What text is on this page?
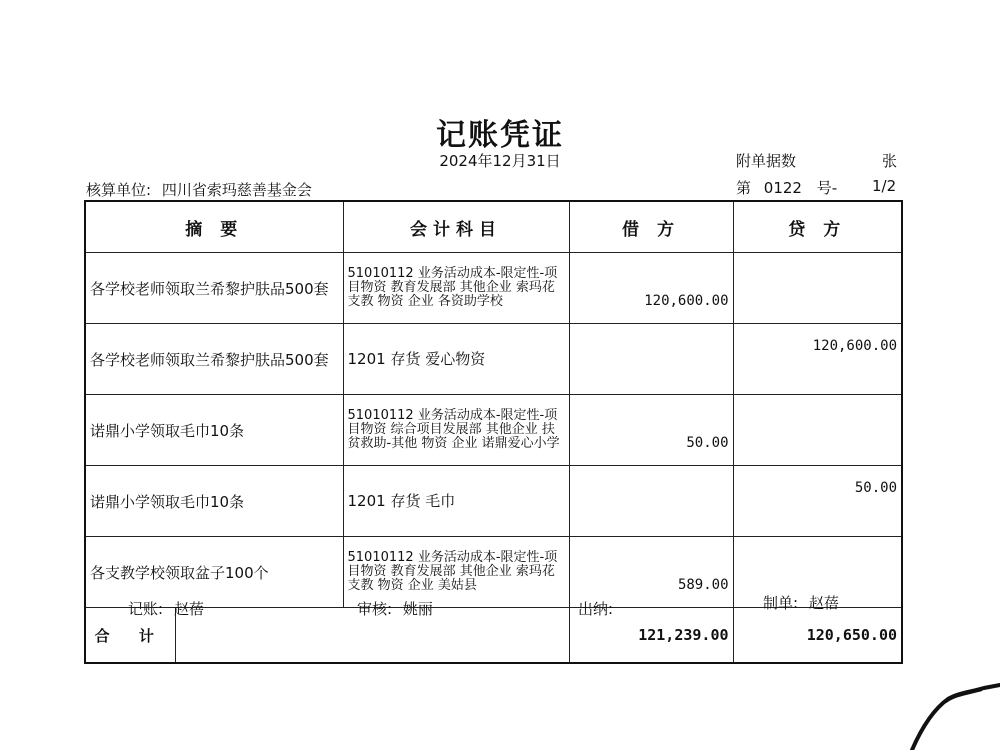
记账凭证
2024年12月31日	附单据数	张
核算单位: 四川省索玛慈善基金会	第 0122 号- 1/2
摘 要		会计科目	借 方	贷 方
各学校老师领取兰希黎护肤品500套		51010112 业务活动成本-限定性-项目物资 教育发展部 其他企业 索玛花支教 物资 企业 各资助学校	120,600.00	
各学校老师领取兰希黎护肤品500套		1201 存货 爱心物资		120,600.00
诺鼎小学领取毛巾10条		51010112 业务活动成本-限定性-项目物资 综合项目发展部 其他企业 扶贫救助-其他 物资 企业 诺鼎爱心小学	50.00	
诺鼎小学领取毛巾10条		1201 存货 毛巾		50.00
各支教学校领取盆子100个		51010112 业务活动成本-限定性-项目物资 教育发展部 其他企业 索玛花支教 物资 企业 美姑县	589.00	
合 计			121,239.00	120,650.00
记账: 赵蓓	审核: 姚丽	出纳:	制单: 赵蓓
